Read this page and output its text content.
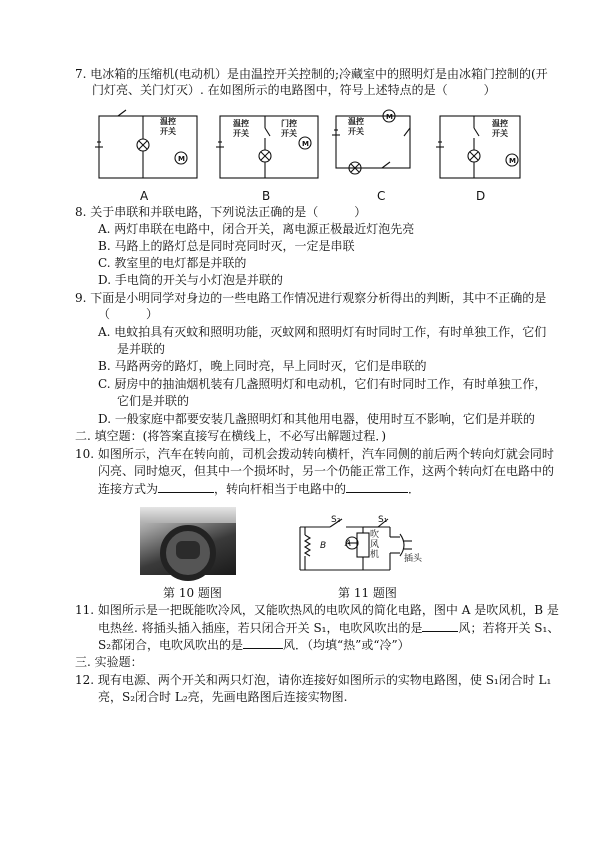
7. 电冰箱的压缩机(电动机）是由温控开关控制的;冷藏室中的照明灯是由冰箱门控制的(开
门灯亮、关门灯灭）. 在如图所示的电路图中，符号上述特点的是（　　　）
温控
开关
M
温控
开关
门控
开关
M
温控
开关
M
温控
开关
M
A	B	C	D
8. 关于串联和并联电路，下列说法正确的是（　　　）
A. 两灯串联在电路中，闭合开关，离电源正极最近灯泡先亮
B. 马路上的路灯总是同时亮同时灭，一定是串联
C. 教室里的电灯都是并联的
D. 手电筒的开关与小灯泡是并联的
9. 下面是小明同学对身边的一些电路工作情况进行观察分析得出的判断，其中不正确的是
（　　　）
A. 电蚊拍具有灭蚊和照明功能，灭蚊网和照明灯有时同时工作，有时单独工作，它们
是并联的
B. 马路两旁的路灯，晚上同时亮，早上同时灭，它们是串联的
C. 厨房中的抽油烟机装有几盏照明灯和电动机，它们有时同时工作，有时单独工作，
它们是并联的
D. 一般家庭中都要安装几盏照明灯和其他用电器，使用时互不影响，它们是并联的
二. 填空题：(将答案直接写在横线上，不必写出解题过程．)
10. 如图所示，汽车在转向前，司机会拨动转向横杆，汽车同侧的前后两个转向灯就会同时
闪亮、同时熄灭，但其中一个损坏时，另一个仍能正常工作，这两个转向灯在电路中的
连接方式为	，转向杆相当于电路中的	．
第 10 题图
S₂	S₁
吹
风
机
A
B
插头
第 11 题图
11. 如图所示是一把既能吹冷风，又能吹热风的电吹风的简化电路，图中 A 是吹风机，B 是
电热丝. 将插头插入插座，若只闭合开关 S₁，电吹风吹出的是	风；若将开关 S₁、
S₂都闭合，电吹风吹出的是	风．（均填“热”或“冷”）
三. 实验题：
12. 现有电源、两个开关和两只灯泡，请你连接好如图所示的实物电路图，使 S₁闭合时 L₁
亮，S₂闭合时 L₂亮，先画电路图后连接实物图.
